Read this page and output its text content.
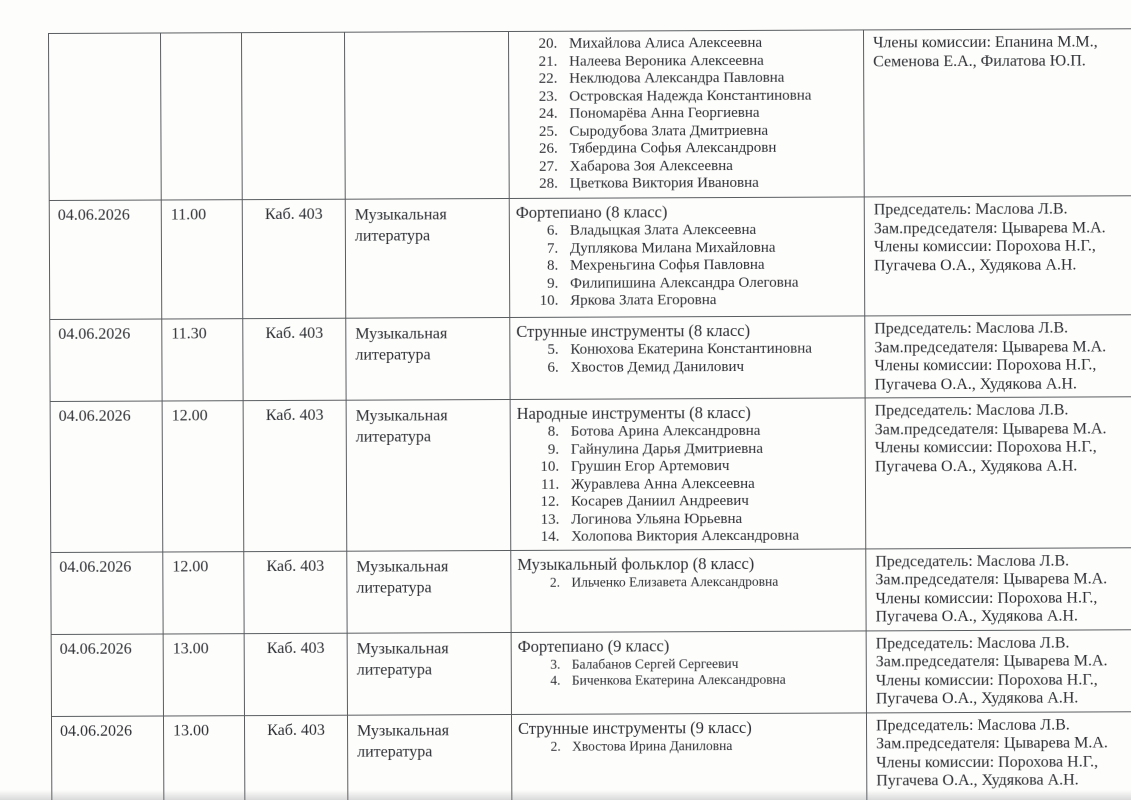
20. Михайлова Алиса Алексеевна
21. Налеева Вероника Алексеевна
22. Неклюдова Александра Павловна
23. Островская Надежда Константиновна
24. Пономарёва Анна Георгиевна
25. Сыродубова Злата Дмитриевна
26. Тябердина Софья Александровн
27. Хабарова Зоя Алексеевна
28. Цветкова Виктория Ивановна
	Члены комиссии: Епанина М.М.,
Семенова Е.А., Филатова Ю.П.
04.06.2026	11.00	Каб. 403	Музыкальная литература	
Фортепиано (8 класс)
6. Владыцкая Злата Алексеевна
7. Дуплякова Милана Михайловна
8. Мехреньгина Софья Павловна
9. Филипишина Александра Олеговна
10. Яркова Злата Егоровна
	Председатель: Маслова Л.В.
Зам.председателя: Цыварева М.А.
Члены комиссии: Порохова Н.Г.,
Пугачева О.А., Худякова А.Н.
04.06.2026	11.30	Каб. 403	Музыкальная литература	
Струнные инструменты (8 класс)
5. Конюхова Екатерина Константиновна
6. Хвостов Демид Данилович
	Председатель: Маслова Л.В.
Зам.председателя: Цыварева М.А.
Члены комиссии: Порохова Н.Г.,
Пугачева О.А., Худякова А.Н.
04.06.2026	12.00	Каб. 403	Музыкальная литература	
Народные инструменты (8 класс)
8. Ботова Арина Александровна
9. Гайнулина Дарья Дмитриевна
10. Грушин Егор Артемович
11. Журавлева Анна Алексеевна
12. Косарев Даниил Андреевич
13. Логинова Ульяна Юрьевна
14. Холопова Виктория Александровна
	Председатель: Маслова Л.В.
Зам.председателя: Цыварева М.А.
Члены комиссии: Порохова Н.Г.,
Пугачева О.А., Худякова А.Н.
04.06.2026	12.00	Каб. 403	Музыкальная литература	
Музыкальный фольклор (8 класс)
2. Ильченко Елизавета Александровна
	Председатель: Маслова Л.В.
Зам.председателя: Цыварева М.А.
Члены комиссии: Порохова Н.Г.,
Пугачева О.А., Худякова А.Н.
04.06.2026	13.00	Каб. 403	Музыкальная литература	
Фортепиано (9 класс)
3. Балабанов Сергей Сергеевич
4. Биченкова Екатерина Александровна
	Председатель: Маслова Л.В.
Зам.председателя: Цыварева М.А.
Члены комиссии: Порохова Н.Г.,
Пугачева О.А., Худякова А.Н.
04.06.2026	13.00	Каб. 403	Музыкальная литература	
Струнные инструменты (9 класс)
2. Хвостова Ирина Даниловна
	Председатель: Маслова Л.В.
Зам.председателя: Цыварева М.А.
Члены комиссии: Порохова Н.Г.,
Пугачева О.А., Худякова А.Н.
